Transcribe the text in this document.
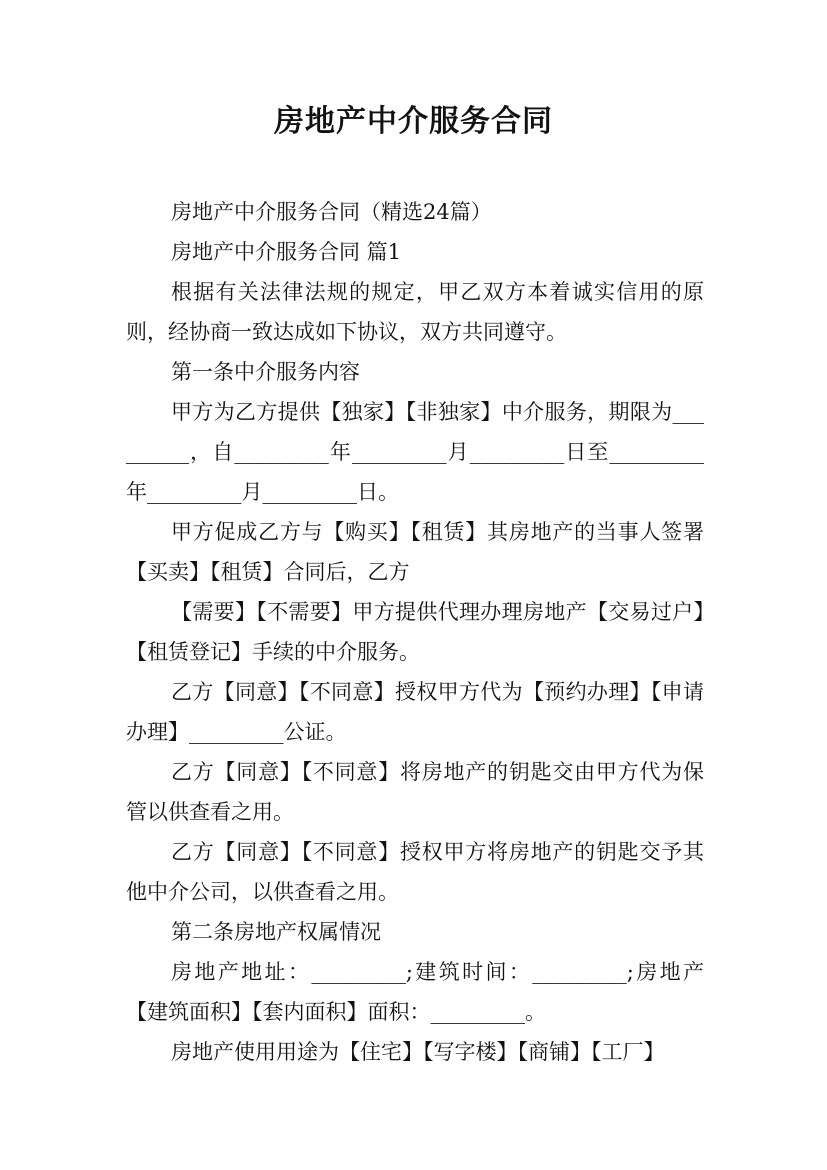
房地产中介服务合同

房地产中介服务合同（精选24篇）

房地产中介服务合同 篇1

根据有关法律法规的规定，甲乙双方本着诚实信用的原则，经协商一致达成如下协议，双方共同遵守。

第一条中介服务内容

甲方为乙方提供【独家】【非独家】中介服务，期限为_________，自_________年_________月_________日至_________年_________月_________日。

甲方促成乙方与【购买】【租赁】其房地产的当事人签署【买卖】【租赁】合同后，乙方

【需要】【不需要】甲方提供代理办理房地产【交易过户】【租赁登记】手续的中介服务。

乙方【同意】【不同意】授权甲方代为【预约办理】【申请办理】_________公证。

乙方【同意】【不同意】将房地产的钥匙交由甲方代为保管以供查看之用。

乙方【同意】【不同意】授权甲方将房地产的钥匙交予其他中介公司，以供查看之用。

第二条房地产权属情况

房地产地址：_________;建筑时间：_________;房地产【建筑面积】【套内面积】面积：_________。

房地产使用用途为【住宅】【写字楼】【商铺】【工厂】
